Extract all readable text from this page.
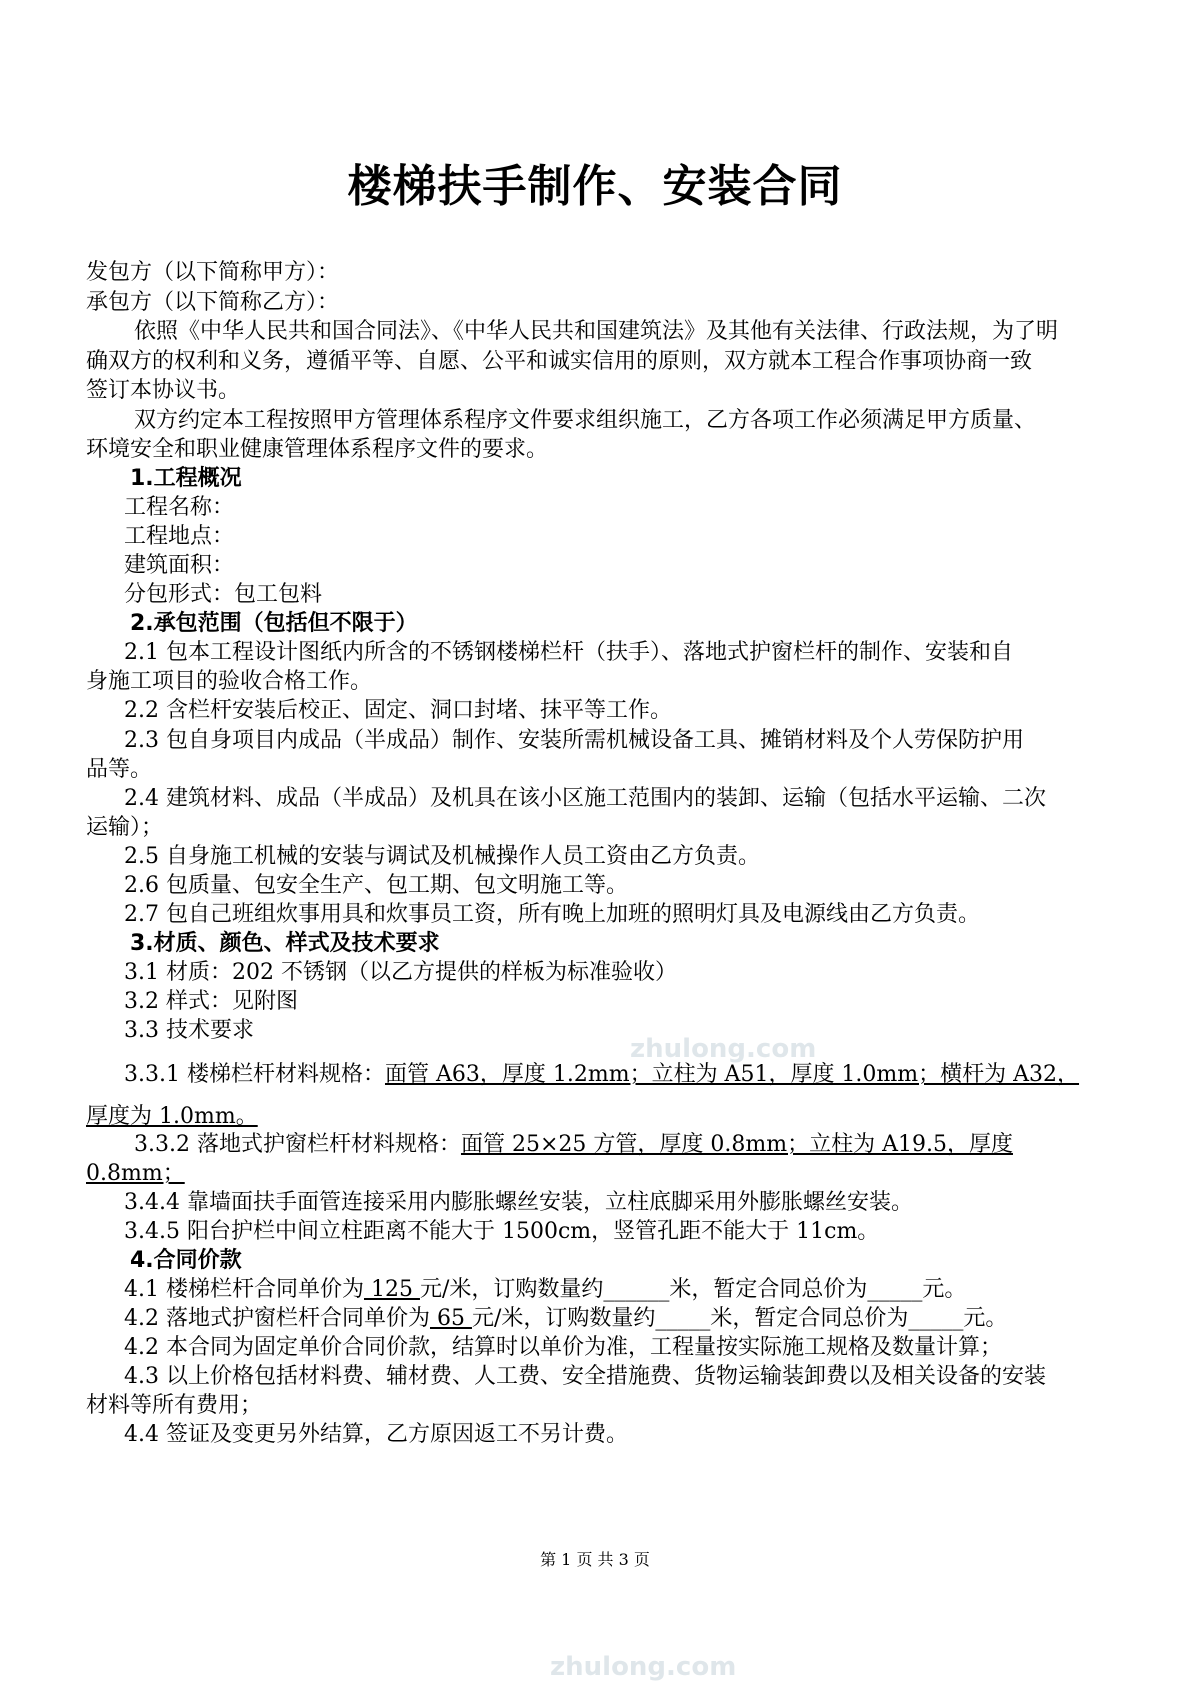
楼梯扶手制作、安装合同
发包方（以下简称甲方）：
承包方（以下简称乙方）：
依照《中华人民共和国合同法》、《中华人民共和国建筑法》及其他有关法律、行政法规，为了明
确双方的权利和义务，遵循平等、自愿、公平和诚实信用的原则，双方就本工程合作事项协商一致
签订本协议书。
双方约定本工程按照甲方管理体系程序文件要求组织施工，乙方各项工作必须满足甲方质量、
环境安全和职业健康管理体系程序文件的要求。
1.工程概况
工程名称：
工程地点：
建筑面积：
分包形式：包工包料
2.承包范围（包括但不限于）
2.1 包本工程设计图纸内所含的不锈钢楼梯栏杆（扶手）、落地式护窗栏杆的制作、安装和自
身施工项目的验收合格工作。
2.2 含栏杆安装后校正、固定、洞口封堵、抹平等工作。
2.3 包自身项目内成品（半成品）制作、安装所需机械设备工具、摊销材料及个人劳保防护用
品等。
2.4 建筑材料、成品（半成品）及机具在该小区施工范围内的装卸、运输（包括水平运输、二次
运输）；
2.5 自身施工机械的安装与调试及机械操作人员工资由乙方负责。
2.6 包质量、包安全生产、包工期、包文明施工等。
2.7 包自己班组炊事用具和炊事员工资，所有晚上加班的照明灯具及电源线由乙方负责。
3.材质、颜色、样式及技术要求
3.1 材质：202 不锈钢（以乙方提供的样板为标准验收）
3.2 样式：见附图
3.3 技术要求
3.3.1 楼梯栏杆材料规格：面管 A63，厚度 1.2mm；立柱为 A51，厚度 1.0mm；横杆为 A32，
厚度为 1.0mm。
3.3.2 落地式护窗栏杆材料规格：面管 25×25 方管，厚度 0.8mm；立柱为 A19.5，厚度
0.8mm；
3.4.4 靠墙面扶手面管连接采用内膨胀螺丝安装，立柱底脚采用外膨胀螺丝安装。
3.4.5 阳台护栏中间立柱距离不能大于 1500cm，竖管孔距不能大于 11cm。
4.合同价款
4.1 楼梯栏杆合同单价为 125 元/米，订购数量约______米，暂定合同总价为_____元。
4.2 落地式护窗栏杆合同单价为 65 元/米，订购数量约_____米，暂定合同总价为_____元。
4.2 本合同为固定单价合同价款，结算时以单价为准，工程量按实际施工规格及数量计算；
4.3 以上价格包括材料费、辅材费、人工费、安全措施费、货物运输装卸费以及相关设备的安装
材料等所有费用；
4.4 签证及变更另外结算，乙方原因返工不另计费。
第 1 页 共 3 页
zhulong.com
zhulong.com
